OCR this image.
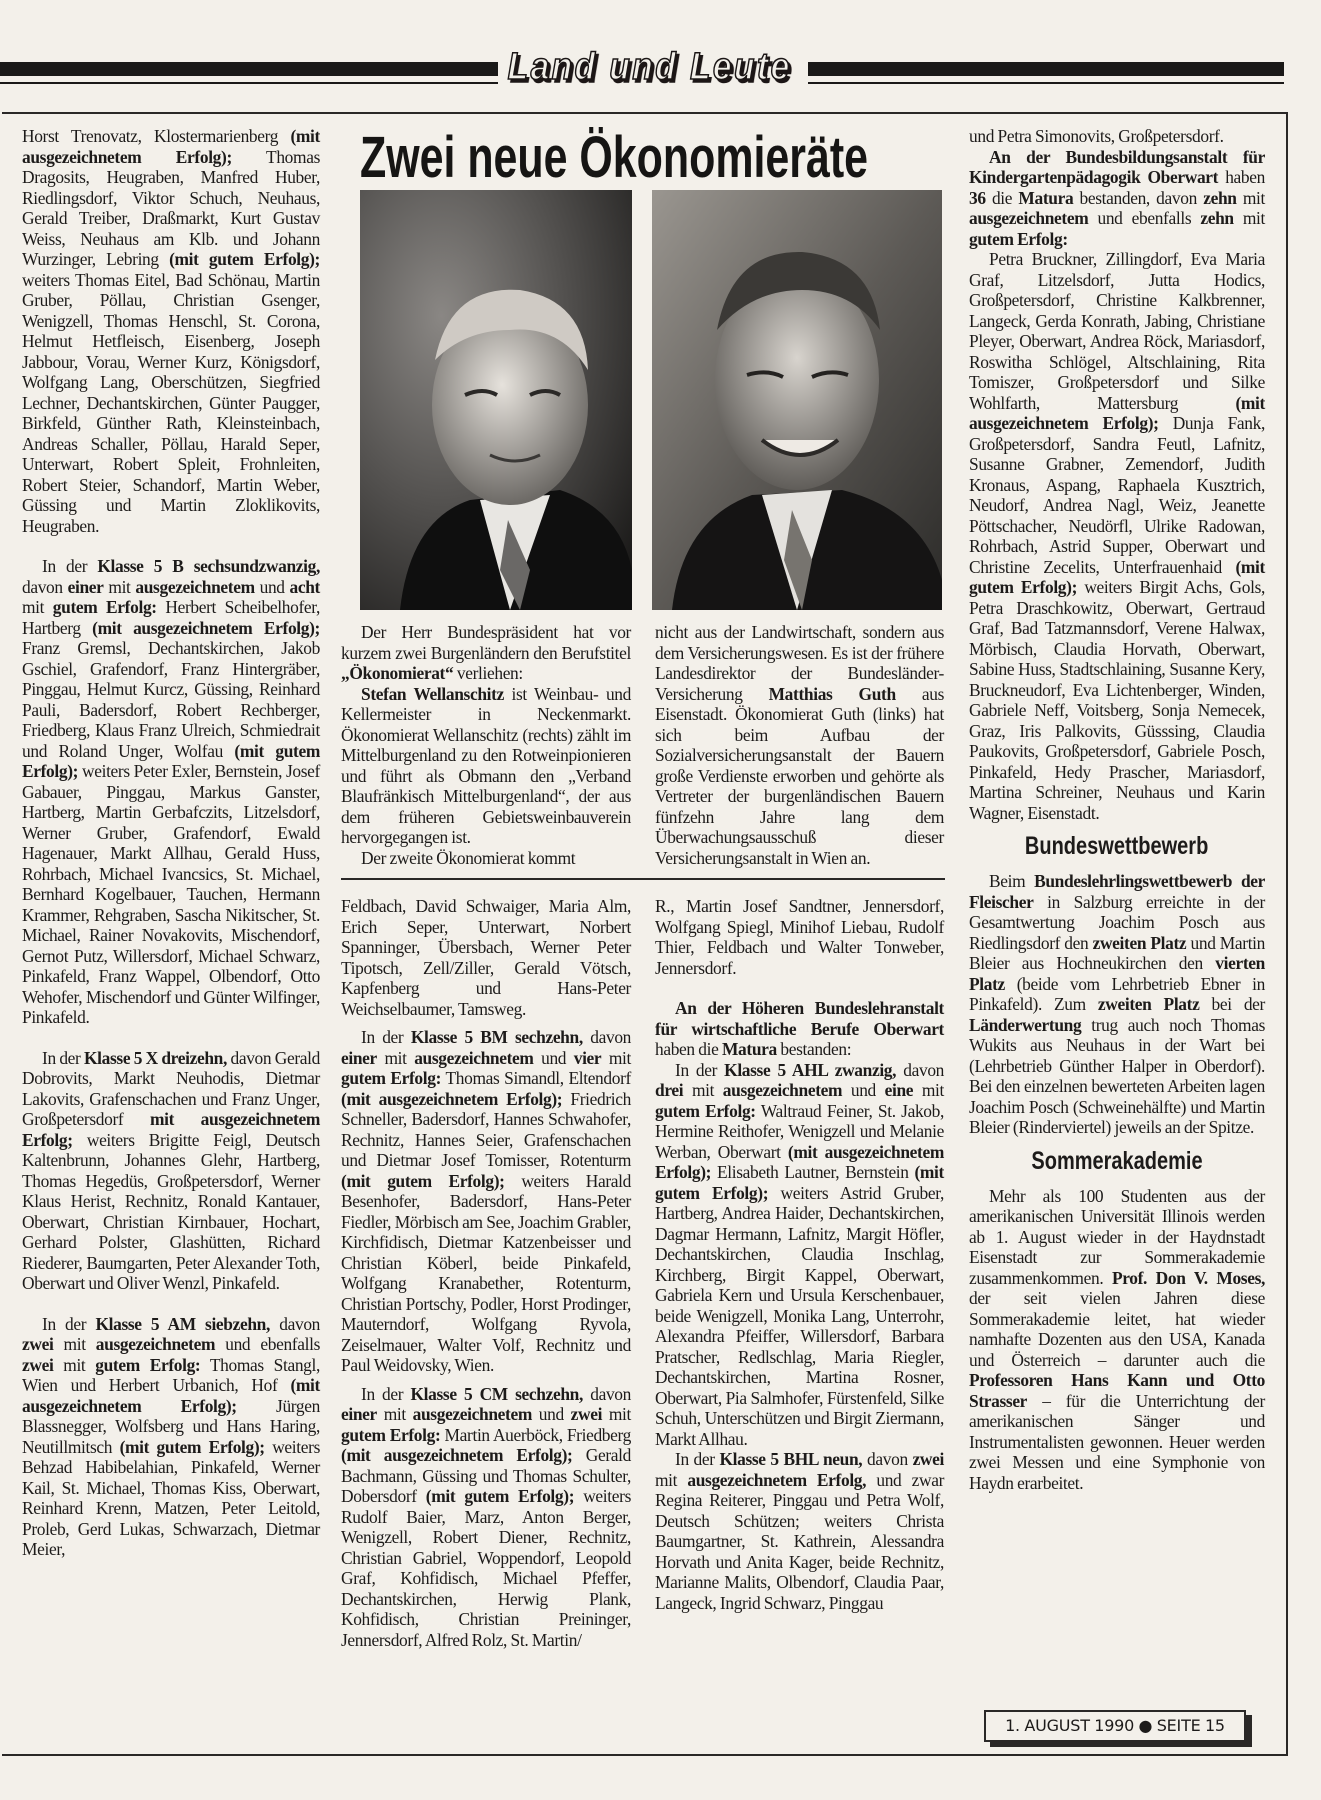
Land und Leute

Horst Trenovatz, Klostermarienberg (mit ausgezeichnetem Erfolg); Thomas Dragosits, Heugraben, Manfred Huber, Riedlingsdorf, Viktor Schuch, Neuhaus, Gerald Treiber, Draßmarkt, Kurt Gustav Weiss, Neuhaus am Klb. und Johann Wurzinger, Lebring (mit gutem Erfolg); weiters Thomas Eitel, Bad Schönau, Martin Gruber, Pöllau, Christian Gsenger, Wenigzell, Thomas Henschl, St. Corona, Helmut Hetfleisch, Eisenberg, Joseph Jabbour, Vorau, Werner Kurz, Königsdorf, Wolfgang Lang, Oberschützen, Siegfried Lechner, Dechantskirchen, Günter Paugger, Birkfeld, Günther Rath, Kleinsteinbach, Andreas Schaller, Pöllau, Harald Seper, Unterwart, Robert Spleit, Frohnleiten, Robert Steier, Schandorf, Martin Weber, Güssing und Martin Zloklikovits, Heugraben.

In der Klasse 5 B sechsundzwanzig, davon einer mit ausgezeichnetem und acht mit gutem Erfolg: Herbert Scheibelhofer, Hartberg (mit ausgezeichnetem Erfolg); Franz Gremsl, Dechantskirchen, Jakob Gschiel, Grafendorf, Franz Hintergräber, Pinggau, Helmut Kurcz, Güssing, Reinhard Pauli, Badersdorf, Robert Rechberger, Friedberg, Klaus Franz Ulreich, Schmiedrait und Roland Unger, Wolfau (mit gutem Erfolg); weiters Peter Exler, Bernstein, Josef Gabauer, Pinggau, Markus Ganster, Hartberg, Martin Gerbafczits, Litzelsdorf, Werner Gruber, Grafendorf, Ewald Hagenauer, Markt Allhau, Gerald Huss, Rohrbach, Michael Ivancsics, St. Michael, Bernhard Kogelbauer, Tauchen, Hermann Krammer, Rehgraben, Sascha Nikitscher, St. Michael, Rainer Novakovits, Mischendorf, Gernot Putz, Willersdorf, Michael Schwarz, Pinkafeld, Franz Wappel, Olbendorf, Otto Wehofer, Mischendorf und Günter Wilfinger, Pinkafeld.

In der Klasse 5 X dreizehn, davon Gerald Dobrovits, Markt Neuhodis, Dietmar Lakovits, Grafenschachen und Franz Unger, Großpetersdorf mit ausgezeichnetem Erfolg; weiters Brigitte Feigl, Deutsch Kaltenbrunn, Johannes Glehr, Hartberg, Thomas Hegedüs, Großpetersdorf, Werner Klaus Herist, Rechnitz, Ronald Kantauer, Oberwart, Christian Kirnbauer, Hochart, Gerhard Polster, Glashütten, Richard Riederer, Baumgarten, Peter Alexander Toth, Oberwart und Oliver Wenzl, Pinkafeld.

In der Klasse 5 AM siebzehn, davon zwei mit ausgezeichnetem und ebenfalls zwei mit gutem Erfolg: Thomas Stangl, Wien und Herbert Urbanich, Hof (mit ausgezeichnetem Erfolg); Jürgen Blassnegger, Wolfsberg und Hans Haring, Neutillmitsch (mit gutem Erfolg); weiters Behzad Habibelahian, Pinkafeld, Werner Kail, St. Michael, Thomas Kiss, Oberwart, Reinhard Krenn, Matzen, Peter Leitold, Proleb, Gerd Lukas, Schwarzach, Dietmar Meier,

Zwei neue Ökonomieräte

Der Herr Bundespräsident hat vor kurzem zwei Burgenländern den Berufstitel „Ökonomierat“ verliehen:

Stefan Wellanschitz ist Weinbau- und Kellermeister in Neckenmarkt. Ökonomierat Wellanschitz (rechts) zählt im Mittelburgenland zu den Rotweinpionieren und führt als Obmann den „Verband Blaufränkisch Mittelburgenland“, der aus dem früheren Gebietsweinbauverein hervorgegangen ist.

Der zweite Ökonomierat kommt

nicht aus der Landwirtschaft, sondern aus dem Versicherungswesen. Es ist der frühere Landesdirektor der Bundesländer-Versicherung Matthias Guth aus Eisenstadt. Ökonomierat Guth (links) hat sich beim Aufbau der Sozialversicherungsanstalt der Bauern große Verdienste erworben und gehörte als Vertreter der burgenländischen Bauern fünfzehn Jahre lang dem Überwachungsausschuß dieser Versicherungsanstalt in Wien an.

Feldbach, David Schwaiger, Maria Alm, Erich Seper, Unterwart, Norbert Spanninger, Übersbach, Werner Peter Tipotsch, Zell/Ziller, Gerald Vötsch, Kapfenberg und Hans-Peter Weichselbaumer, Tamsweg.

In der Klasse 5 BM sechzehn, davon einer mit ausgezeichnetem und vier mit gutem Erfolg: Thomas Simandl, Eltendorf (mit ausgezeichnetem Erfolg); Friedrich Schneller, Badersdorf, Hannes Schwahofer, Rechnitz, Hannes Seier, Grafenschachen und Dietmar Josef Tomisser, Rotenturm (mit gutem Erfolg); weiters Harald Besenhofer, Badersdorf, Hans-Peter Fiedler, Mörbisch am See, Joachim Grabler, Kirchfidisch, Dietmar Katzenbeisser und Christian Köberl, beide Pinkafeld, Wolfgang Kranabether, Rotenturm, Christian Portschy, Podler, Horst Prodinger, Mauterndorf, Wolfgang Ryvola, Zeiselmauer, Walter Volf, Rechnitz und Paul Weidovsky, Wien.

In der Klasse 5 CM sechzehn, davon einer mit ausgezeichnetem und zwei mit gutem Erfolg: Martin Auerböck, Friedberg (mit ausgezeichnetem Erfolg); Gerald Bachmann, Güssing und Thomas Schulter, Dobersdorf (mit gutem Erfolg); weiters Rudolf Baier, Marz, Anton Berger, Wenigzell, Robert Diener, Rechnitz, Christian Gabriel, Woppendorf, Leopold Graf, Kohfidisch, Michael Pfeffer, Dechantskirchen, Herwig Plank, Kohfidisch, Christian Preininger, Jennersdorf, Alfred Rolz, St. Martin/

R., Martin Josef Sandtner, Jennersdorf, Wolfgang Spiegl, Minihof Liebau, Rudolf Thier, Feldbach und Walter Tonweber, Jennersdorf.

An der Höheren Bundeslehranstalt für wirtschaftliche Berufe Oberwart haben die Matura bestanden:

In der Klasse 5 AHL zwanzig, davon drei mit ausgezeichnetem und eine mit gutem Erfolg: Waltraud Feiner, St. Jakob, Hermine Reithofer, Wenigzell und Melanie Werban, Oberwart (mit ausgezeichnetem Erfolg); Elisabeth Lautner, Bernstein (mit gutem Erfolg); weiters Astrid Gruber, Hartberg, Andrea Haider, Dechantskirchen, Dagmar Hermann, Lafnitz, Margit Höfler, Dechantskirchen, Claudia Inschlag, Kirchberg, Birgit Kappel, Oberwart, Gabriela Kern und Ursula Kerschenbauer, beide Wenigzell, Monika Lang, Unterrohr, Alexandra Pfeiffer, Willersdorf, Barbara Pratscher, Redlschlag, Maria Riegler, Dechantskirchen, Martina Rosner, Oberwart, Pia Salmhofer, Fürstenfeld, Silke Schuh, Unterschützen und Birgit Ziermann, Markt Allhau.

In der Klasse 5 BHL neun, davon zwei mit ausgezeichnetem Erfolg, und zwar Regina Reiterer, Pinggau und Petra Wolf, Deutsch Schützen; weiters Christa Baumgartner, St. Kathrein, Alessandra Horvath und Anita Kager, beide Rechnitz, Marianne Malits, Olbendorf, Claudia Paar, Langeck, Ingrid Schwarz, Pinggau

und Petra Simonovits, Großpetersdorf.

An der Bundesbildungsanstalt für Kindergartenpädagogik Oberwart haben 36 die Matura bestanden, davon zehn mit ausgezeichnetem und ebenfalls zehn mit gutem Erfolg:

Petra Bruckner, Zillingdorf, Eva Maria Graf, Litzelsdorf, Jutta Hodics, Großpetersdorf, Christine Kalkbrenner, Langeck, Gerda Konrath, Jabing, Christiane Pleyer, Oberwart, Andrea Röck, Mariasdorf, Roswitha Schlögel, Altschlaining, Rita Tomiszer, Großpetersdorf und Silke Wohlfarth, Mattersburg (mit ausgezeichnetem Erfolg); Dunja Fank, Großpetersdorf, Sandra Feutl, Lafnitz, Susanne Grabner, Zemendorf, Judith Kronaus, Aspang, Raphaela Kusztrich, Neudorf, Andrea Nagl, Weiz, Jeanette Pöttschacher, Neudörfl, Ulrike Radowan, Rohrbach, Astrid Supper, Oberwart und Christine Zecelits, Unterfrauenhaid (mit gutem Erfolg); weiters Birgit Achs, Gols, Petra Draschkowitz, Oberwart, Gertraud Graf, Bad Tatzmannsdorf, Verene Halwax, Mörbisch, Claudia Horvath, Oberwart, Sabine Huss, Stadtschlaining, Susanne Kery, Bruckneudorf, Eva Lichtenberger, Winden, Gabriele Neff, Voitsberg, Sonja Nemecek, Graz, Iris Palkovits, Güsssing, Claudia Paukovits, Großpetersdorf, Gabriele Posch, Pinkafeld, Hedy Prascher, Mariasdorf, Martina Schreiner, Neuhaus und Karin Wagner, Eisenstadt.

Bundeswettbewerb

Beim Bundeslehrlingswettbewerb der Fleischer in Salzburg erreichte in der Gesamtwertung Joachim Posch aus Riedlingsdorf den zweiten Platz und Martin Bleier aus Hochneukirchen den vierten Platz (beide vom Lehrbetrieb Ebner in Pinkafeld). Zum zweiten Platz bei der Länderwertung trug auch noch Thomas Wukits aus Neuhaus in der Wart bei (Lehrbetrieb Günther Halper in Oberdorf). Bei den einzelnen bewerteten Arbeiten lagen Joachim Posch (Schweinehälfte) und Martin Bleier (Rinderviertel) jeweils an der Spitze.

Sommerakademie

Mehr als 100 Studenten aus der amerikanischen Universität Illinois werden ab 1. August wieder in der Haydnstadt Eisenstadt zur Sommerakademie zusammenkommen. Prof. Don V. Moses, der seit vielen Jahren diese Sommerakademie leitet, hat wieder namhafte Dozenten aus den USA, Kanada und Österreich – darunter auch die Professoren Hans Kann und Otto Strasser – für die Unterrichtung der amerikanischen Sänger und Instrumentalisten gewonnen. Heuer werden zwei Messen und eine Symphonie von Haydn erarbeitet.

1. AUGUST 1990 ● SEITE 15
